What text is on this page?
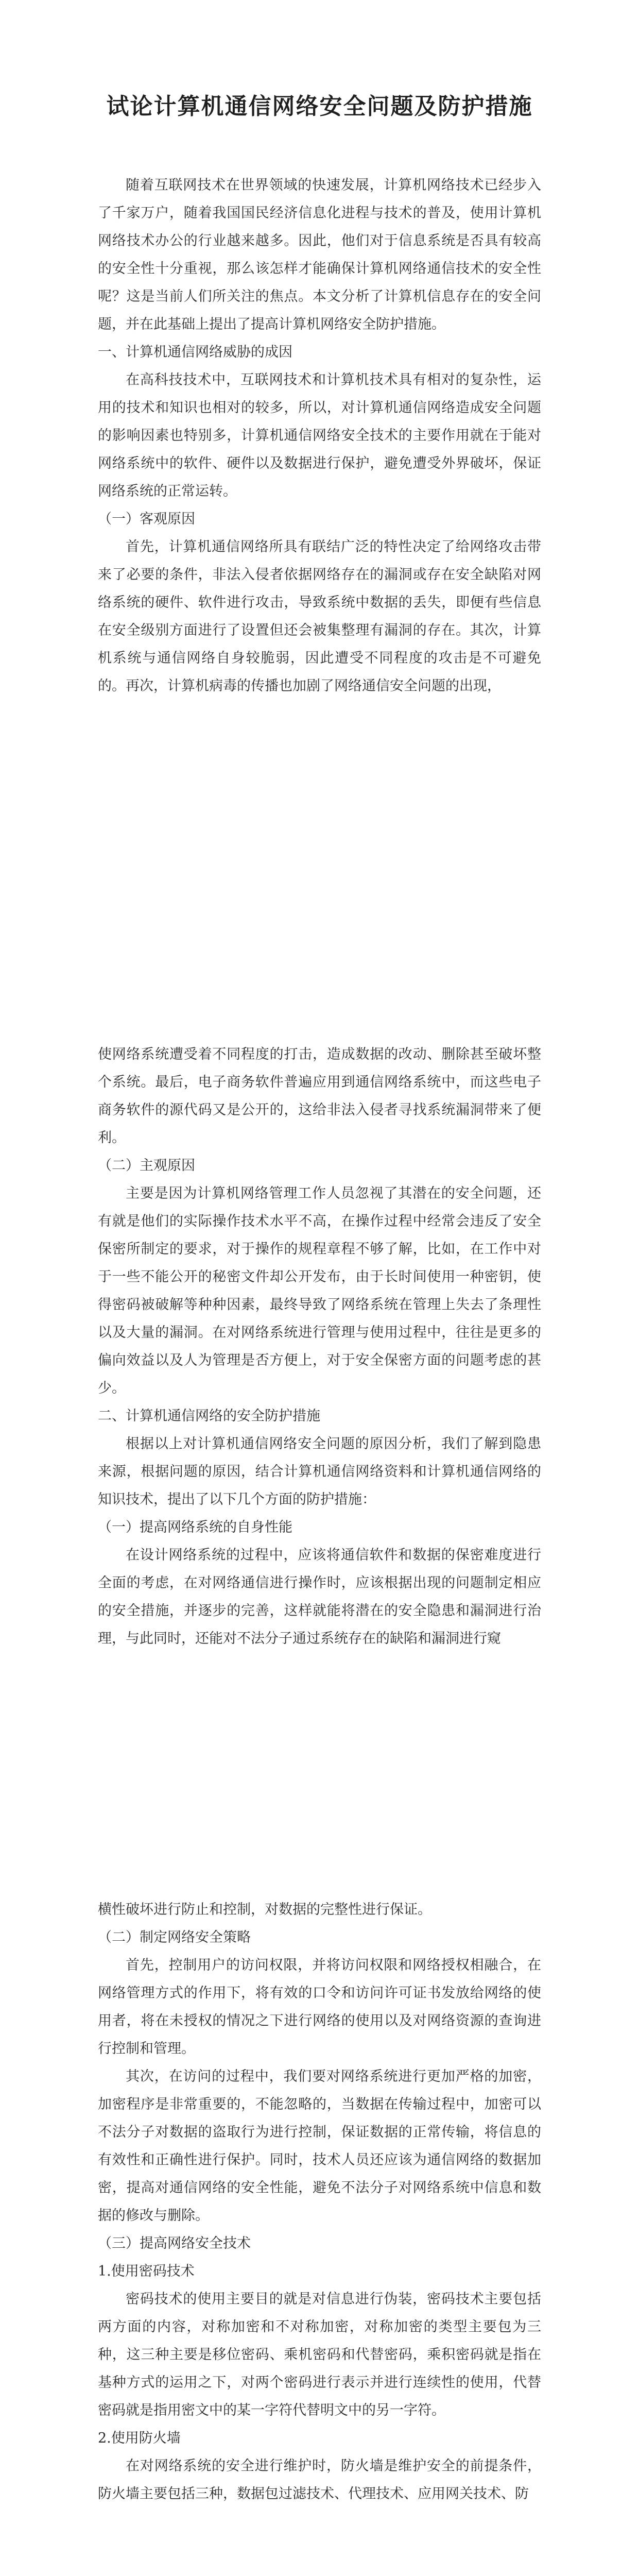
试论计算机通信网络安全问题及防护措施

随着互联网技术在世界领域的快速发展，计算机网络技术已经步入了千家万户，随着我国国民经济信息化进程与技术的普及，使用计算机网络技术办公的行业越来越多。因此，他们对于信息系统是否具有较高的安全性十分重视，那么该怎样才能确保计算机网络通信技术的安全性呢？这是当前人们所关注的焦点。本文分析了计算机信息存在的安全问题，并在此基础上提出了提高计算机网络安全防护措施。

一、计算机通信网络威胁的成因

在高科技技术中，互联网技术和计算机技术具有相对的复杂性，运用的技术和知识也相对的较多，所以，对计算机通信网络造成安全问题的影响因素也特别多，计算机通信网络安全技术的主要作用就在于能对网络系统中的软件、硬件以及数据进行保护，避免遭受外界破坏，保证网络系统的正常运转。

（一）客观原因

首先，计算机通信网络所具有联结广泛的特性决定了给网络攻击带来了必要的条件，非法入侵者依据网络存在的漏洞或存在安全缺陷对网络系统的硬件、软件进行攻击，导致系统中数据的丢失，即便有些信息在安全级别方面进行了设置但还会被集整理有漏洞的存在。其次，计算机系统与通信网络自身较脆弱，因此遭受不同程度的攻击是不可避免的。再次，计算机病毒的传播也加剧了网络通信安全问题的出现，

使网络系统遭受着不同程度的打击，造成数据的改动、删除甚至破坏整个系统。最后，电子商务软件普遍应用到通信网络系统中，而这些电子商务软件的源代码又是公开的，这给非法入侵者寻找系统漏洞带来了便利。

（二）主观原因

主要是因为计算机网络管理工作人员忽视了其潜在的安全问题，还有就是他们的实际操作技术水平不高，在操作过程中经常会违反了安全保密所制定的要求，对于操作的规程章程不够了解，比如，在工作中对于一些不能公开的秘密文件却公开发布，由于长时间使用一种密钥，使得密码被破解等种种因素，最终导致了网络系统在管理上失去了条理性以及大量的漏洞。在对网络系统进行管理与使用过程中，往往是更多的偏向效益以及人为管理是否方便上，对于安全保密方面的问题考虑的甚少。

二、计算机通信网络的安全防护措施

根据以上对计算机通信网络安全问题的原因分析，我们了解到隐患来源，根据问题的原因，结合计算机通信网络资料和计算机通信网络的知识技术，提出了以下几个方面的防护措施：

（一）提高网络系统的自身性能

在设计网络系统的过程中，应该将通信软件和数据的保密难度进行全面的考虑，在对网络通信进行操作时，应该根据出现的问题制定相应的安全措施，并逐步的完善，这样就能将潜在的安全隐患和漏洞进行治理，与此同时，还能对不法分子通过系统存在的缺陷和漏洞进行窥

横性破坏进行防止和控制，对数据的完整性进行保证。

（二）制定网络安全策略

首先，控制用户的访问权限，并将访问权限和网络授权相融合，在网络管理方式的作用下，将有效的口令和访问许可证书发放给网络的使用者，将在未授权的情况之下进行网络的使用以及对网络资源的查询进行控制和管理。

其次，在访问的过程中，我们要对网络系统进行更加严格的加密，加密程序是非常重要的，不能忽略的，当数据在传输过程中，加密可以不法分子对数据的盗取行为进行控制，保证数据的正常传输，将信息的有效性和正确性进行保护。同时，技术人员还应该为通信网络的数据加密，提高对通信网络的安全性能，避免不法分子对网络系统中信息和数据的修改与删除。

（三）提高网络安全技术

1.使用密码技术

密码技术的使用主要目的就是对信息进行伪装，密码技术主要包括两方面的内容，对称加密和不对称加密，对称加密的类型主要包为三种，这三种主要是移位密码、乘机密码和代替密码，乘积密码就是指在基种方式的运用之下，对两个密码进行表示并进行连续性的使用，代替密码就是指用密文中的某一字符代替明文中的另一字符。

2.使用防火墙

在对网络系统的安全进行维护时，防火墙是维护安全的前提条件，防火墙主要包括三种，数据包过滤技术、代理技术、应用网关技术、防
